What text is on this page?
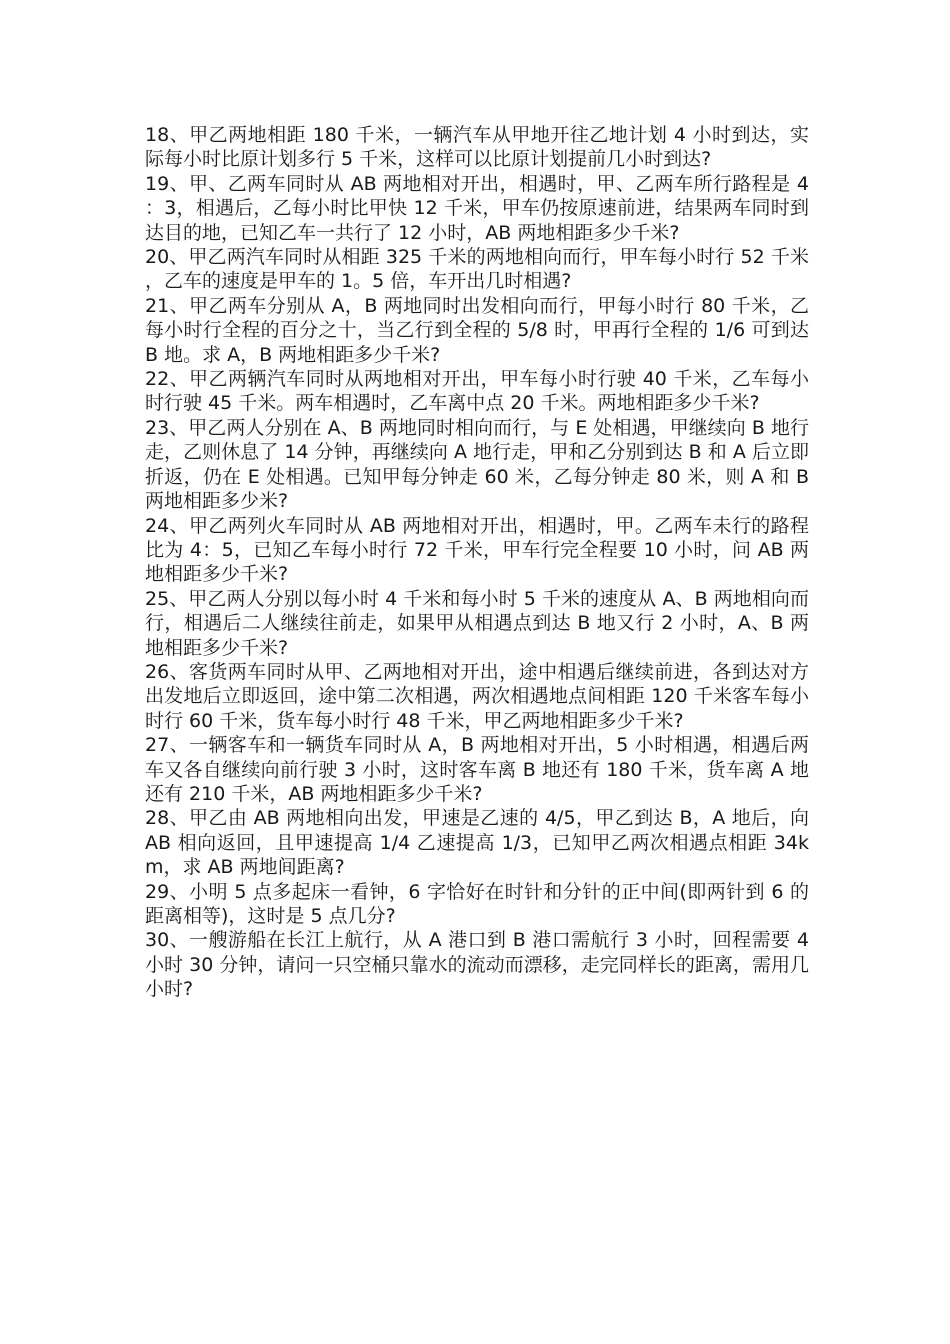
18、甲乙两地相距 180 千米，一辆汽车从甲地开往乙地计划 4 小时到达，实际每小时比原计划多行 5 千米，这样可以比原计划提前几小时到达?

19、甲、乙两车同时从 AB 两地相对开出，相遇时，甲、乙两车所行路程是 4：3，相遇后，乙每小时比甲快 12 千米，甲车仍按原速前进，结果两车同时到达目的地，已知乙车一共行了 12 小时，AB 两地相距多少千米?

20、甲乙两汽车同时从相距 325 千米的两地相向而行，甲车每小时行 52 千米，乙车的速度是甲车的 1。5 倍，车开出几时相遇?

21、甲乙两车分别从 A，B 两地同时出发相向而行，甲每小时行 80 千米，乙每小时行全程的百分之十，当乙行到全程的 5/8 时，甲再行全程的 1/6 可到达 B 地。求 A，B 两地相距多少千米?

22、甲乙两辆汽车同时从两地相对开出，甲车每小时行驶 40 千米，乙车每小时行驶 45 千米。两车相遇时，乙车离中点 20 千米。两地相距多少千米?

23、甲乙两人分别在 A、B 两地同时相向而行，与 E 处相遇，甲继续向 B 地行走，乙则休息了 14 分钟，再继续向 A 地行走，甲和乙分别到达 B 和 A 后立即折返，仍在 E 处相遇。已知甲每分钟走 60 米，乙每分钟走 80 米，则 A 和 B 两地相距多少米?

24、甲乙两列火车同时从 AB 两地相对开出，相遇时，甲。乙两车未行的路程比为 4：5，已知乙车每小时行 72 千米，甲车行完全程要 10 小时，问 AB 两地相距多少千米?

25、甲乙两人分别以每小时 4 千米和每小时 5 千米的速度从 A、B 两地相向而行，相遇后二人继续往前走，如果甲从相遇点到达 B 地又行 2 小时，A、B 两地相距多少千米?

26、客货两车同时从甲、乙两地相对开出，途中相遇后继续前进，各到达对方出发地后立即返回，途中第二次相遇，两次相遇地点间相距 120 千米客车每小时行 60 千米，货车每小时行 48 千米，甲乙两地相距多少千米?

27、一辆客车和一辆货车同时从 A，B 两地相对开出，5 小时相遇，相遇后两车又各自继续向前行驶 3 小时，这时客车离 B 地还有 180 千米，货车离 A 地还有 210 千米，AB 两地相距多少千米?

28、甲乙由 AB 两地相向出发，甲速是乙速的 4/5，甲乙到达 B，A 地后，向 AB 相向返回，且甲速提高 1/4 乙速提高 1/3，已知甲乙两次相遇点相距 34km，求 AB 两地间距离?

29、小明 5 点多起床一看钟，6 字恰好在时针和分针的正中间(即两针到 6 的距离相等)，这时是 5 点几分?

30、一艘游船在长江上航行，从 A 港口到 B 港口需航行 3 小时，回程需要 4 小时 30 分钟，请问一只空桶只靠水的流动而漂移，走完同样长的距离，需用几小时?
